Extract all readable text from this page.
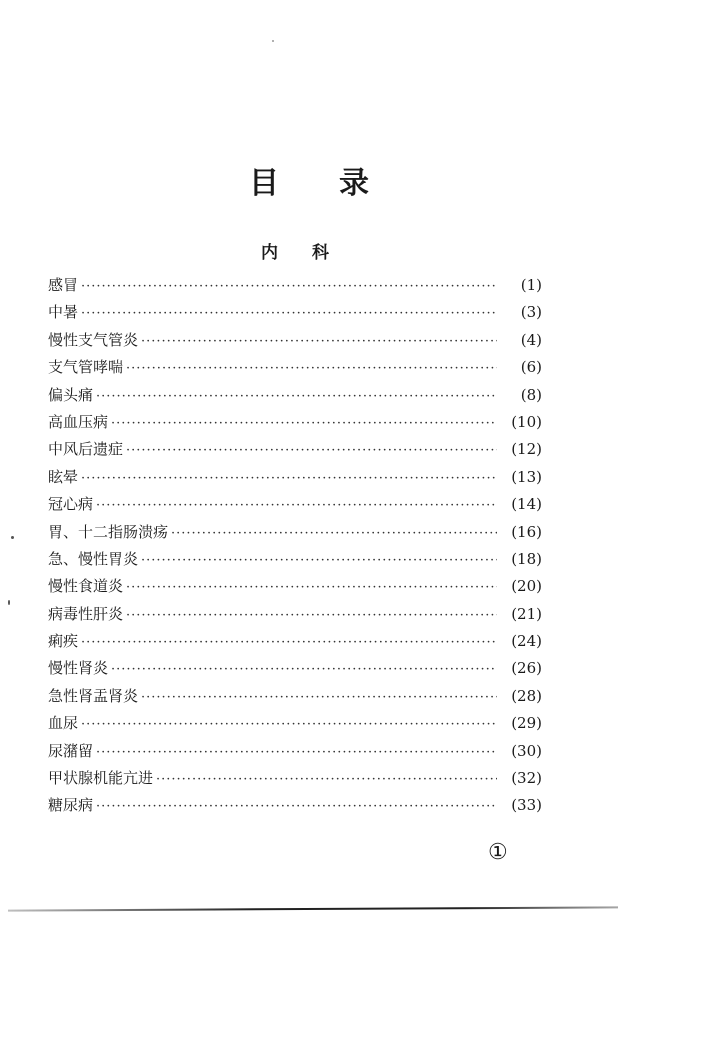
目 录
内 科
感冒 ·····	(1)
中暑 ·····	(3)
慢性支气管炎 ·····	(4)
支气管哮喘 ·····	(6)
偏头痛 ·····	(8)
高血压病 ·····	(10)
中风后遗症 ·····	(12)
眩晕 ·····	(13)
冠心病 ·····	(14)
胃、十二指肠溃疡 ·····	(16)
急、慢性胃炎 ·····	(18)
慢性食道炎 ·····	(20)
病毒性肝炎 ·····	(21)
痢疾 ·····	(24)
慢性肾炎 ·····	(26)
急性肾盂肾炎 ·····	(28)
血尿 ·····	(29)
尿潴留 ·····	(30)
甲状腺机能亢进 ·····	(32)
糖尿病 ·····	(33)
①
